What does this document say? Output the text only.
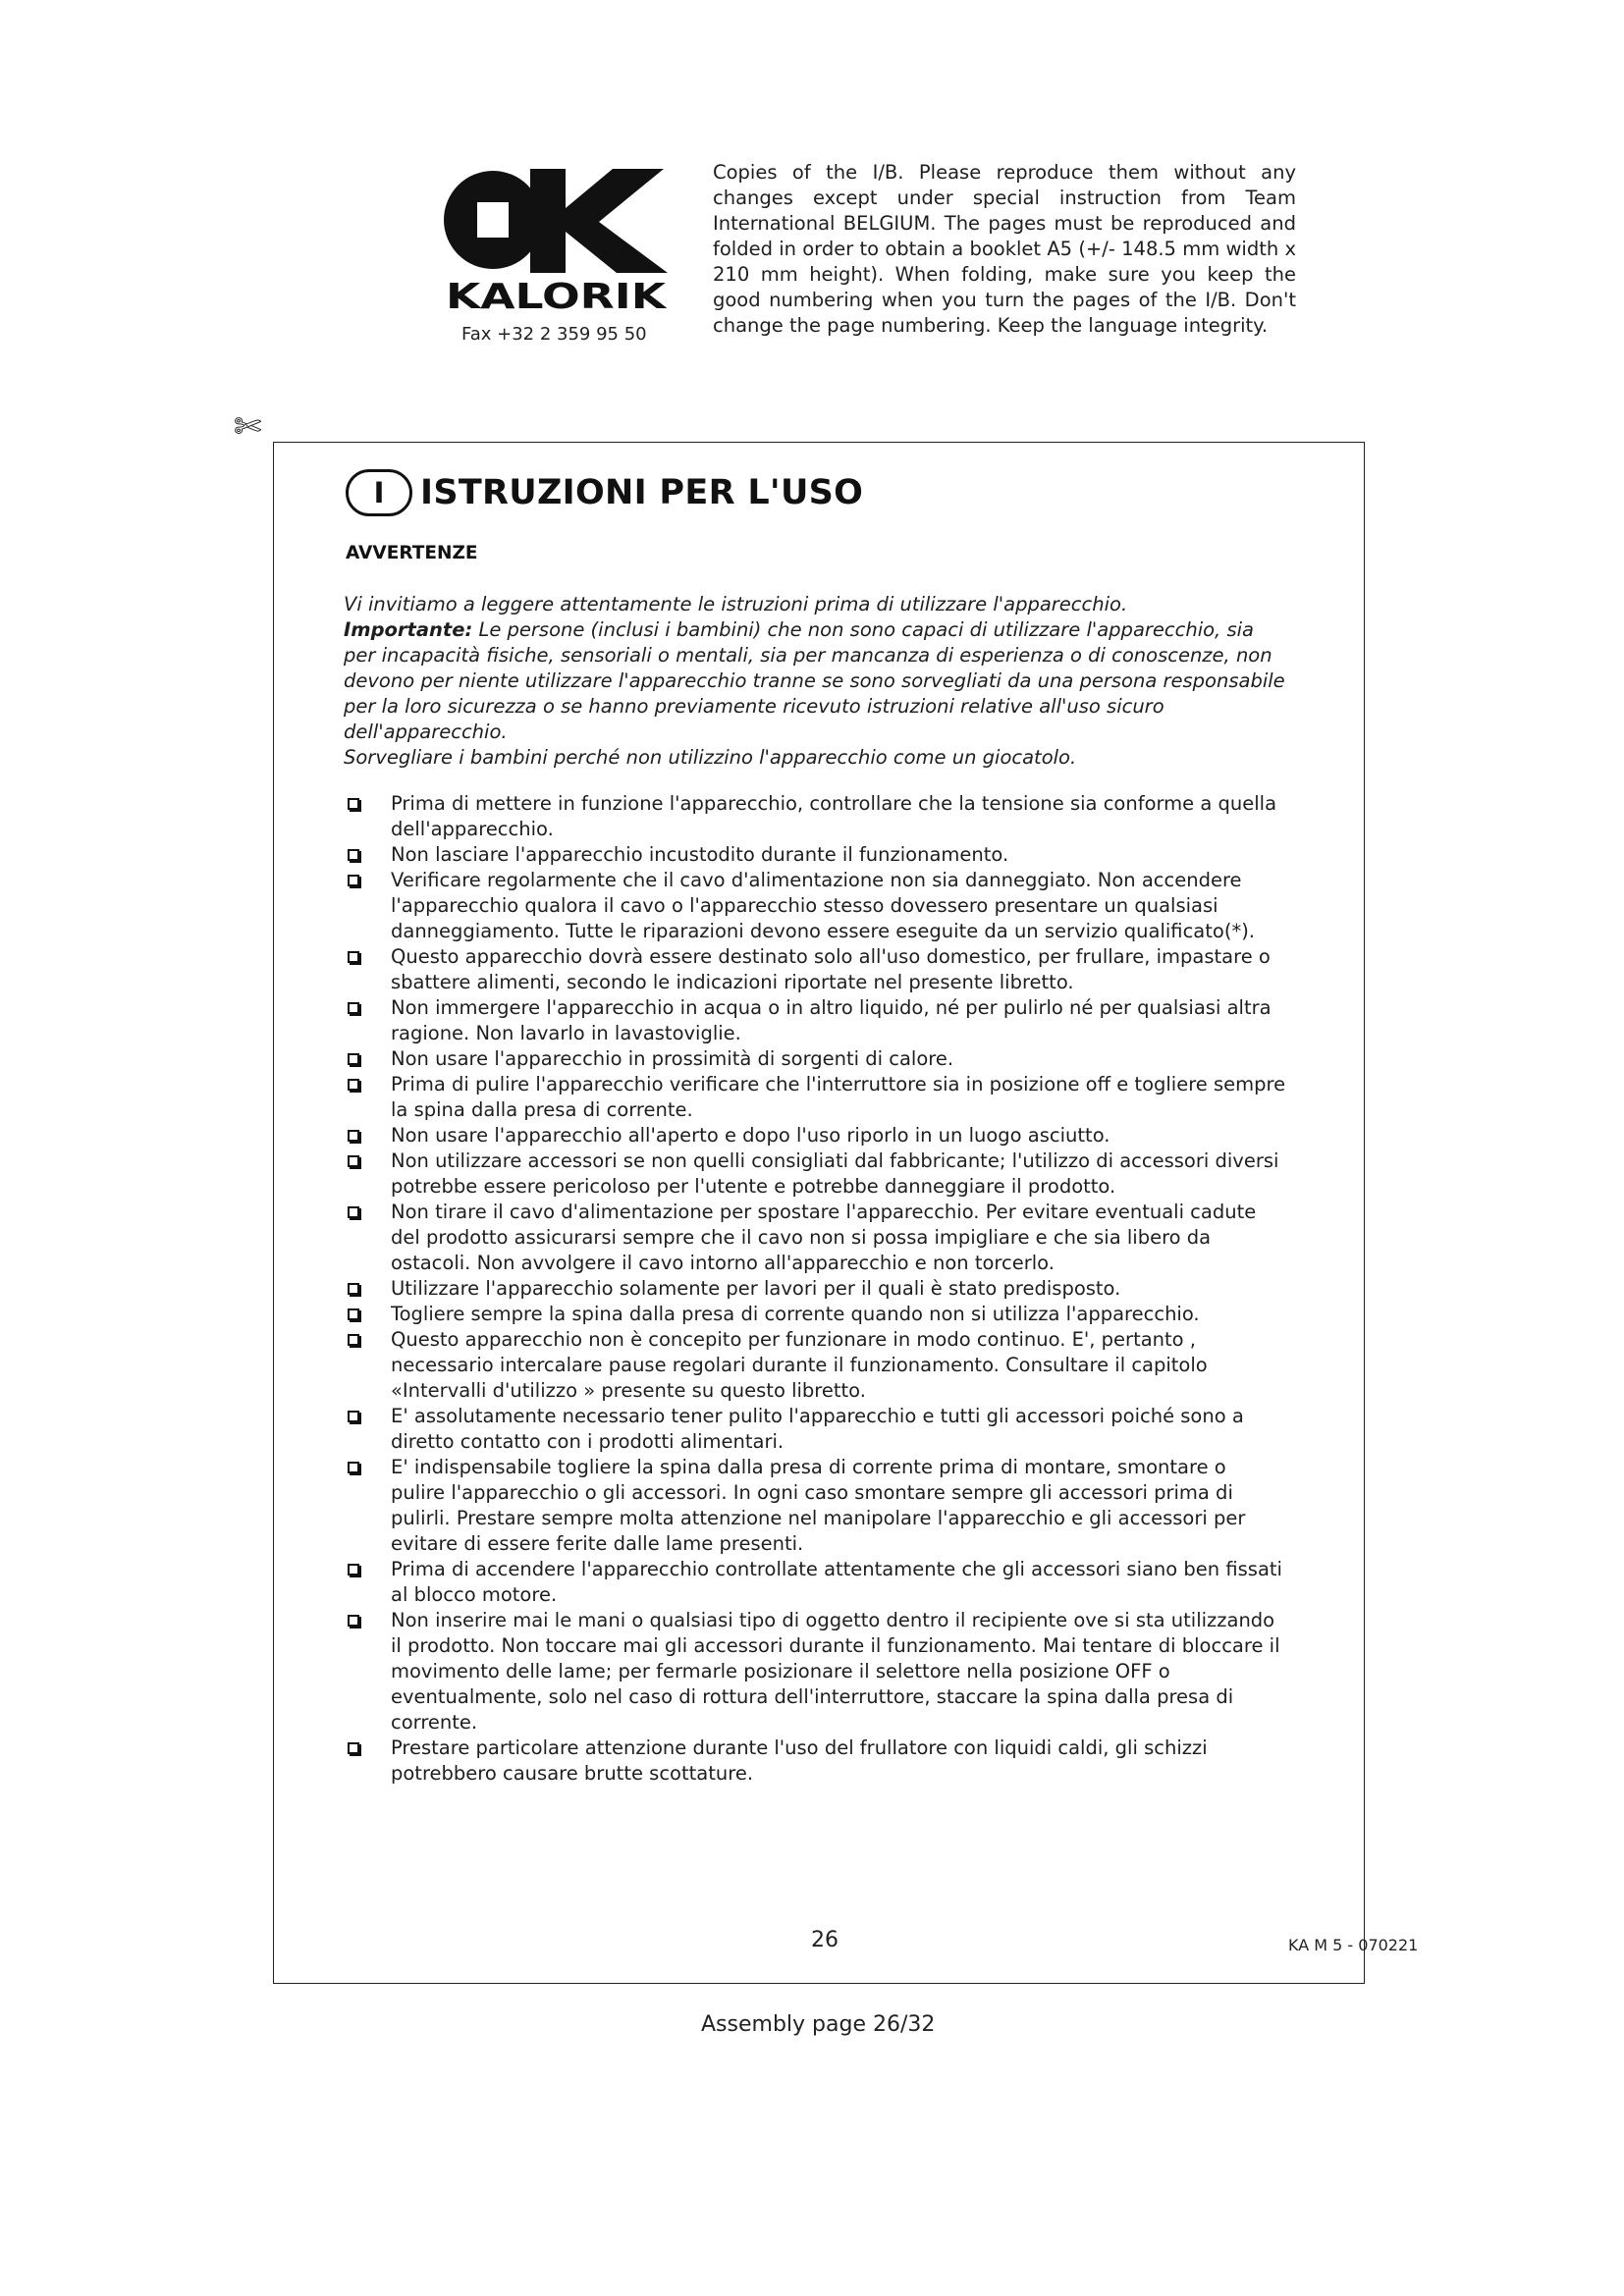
KALORIK
Fax +32 2 359 95 50
Copies of the I/B. Please reproduce them without any changes except under special instruction from Team International BELGIUM. The pages must be reproduced and folded in order to obtain a booklet A5 (+/- 148.5 mm width x 210 mm height). When folding, make sure you keep the good numbering when you turn the pages of the I/B. Don't change the page numbering. Keep the language integrity.
✄
I	ISTRUZIONI PER L'USO
AVVERTENZE

Vi invitiamo a leggere attentamente le istruzioni prima di utilizzare l'apparecchio.

Importante: Le persone (inclusi i bambini) che non sono capaci di utilizzare l'apparecchio, sia per incapacità fisiche, sensoriali o mentali, sia per mancanza di esperienza o di conoscenze, non devono per niente utilizzare l'apparecchio tranne se sono sorvegliati da una persona responsabile per la loro sicurezza o se hanno previamente ricevuto istruzioni relative all'uso sicuro dell'apparecchio.

Sorvegliare i bambini perché non utilizzino l'apparecchio come un giocatolo.

Prima di mettere in funzione l'apparecchio, controllare che la tensione sia conforme a quella dell'apparecchio.
Non lasciare l'apparecchio incustodito durante il funzionamento.
Verificare regolarmente che il cavo d'alimentazione non sia danneggiato. Non accendere l'apparecchio qualora il cavo o l'apparecchio stesso dovessero presentare un qualsiasi danneggiamento. Tutte le riparazioni devono essere eseguite da un servizio qualificato(*).
Questo apparecchio dovrà essere destinato solo all'uso domestico, per frullare, impastare o sbattere alimenti, secondo le indicazioni riportate nel presente libretto.
Non immergere l'apparecchio in acqua o in altro liquido, né per pulirlo né per qualsiasi altra ragione. Non lavarlo in lavastoviglie.
Non usare l'apparecchio in prossimità di sorgenti di calore.
Prima di pulire l'apparecchio verificare che l'interruttore sia in posizione off e togliere sempre la spina dalla presa di corrente.
Non usare l'apparecchio all'aperto e dopo l'uso riporlo in un luogo asciutto.
Non utilizzare accessori se non quelli consigliati dal fabbricante; l'utilizzo di accessori diversi potrebbe essere pericoloso per l'utente e potrebbe danneggiare il prodotto.
Non tirare il cavo d'alimentazione per spostare l'apparecchio. Per evitare eventuali cadute del prodotto assicurarsi sempre che il cavo non si possa impigliare e che sia libero da ostacoli. Non avvolgere il cavo intorno all'apparecchio e non torcerlo.
Utilizzare l'apparecchio solamente per lavori per il quali è stato predisposto.
Togliere sempre la spina dalla presa di corrente quando non si utilizza l'apparecchio.
Questo apparecchio non è concepito per funzionare in modo continuo. E', pertanto , necessario intercalare pause regolari durante il funzionamento. Consultare il capitolo «Intervalli d'utilizzo » presente su questo libretto.
E' assolutamente necessario tener pulito l'apparecchio e tutti gli accessori poiché sono a diretto contatto con i prodotti alimentari.
E' indispensabile togliere la spina dalla presa di corrente prima di montare, smontare o pulire l'apparecchio o gli accessori. In ogni caso smontare sempre gli accessori prima di pulirli. Prestare sempre molta attenzione nel manipolare l'apparecchio e gli accessori per evitare di essere ferite dalle lame presenti.
Prima di accendere l'apparecchio controllate attentamente che gli accessori siano ben fissati al blocco motore.
Non inserire mai le mani o qualsiasi tipo di oggetto dentro il recipiente ove si sta utilizzando il prodotto. Non toccare mai gli accessori durante il funzionamento. Mai tentare di bloccare il movimento delle lame; per fermarle posizionare il selettore nella posizione OFF o eventualmente, solo nel caso di rottura dell'interruttore, staccare la spina dalla presa di corrente.
Prestare particolare attenzione durante l'uso del frullatore con liquidi caldi, gli schizzi potrebbero causare brutte scottature.
26	KA M 5 - 070221
Assembly page 26/32
